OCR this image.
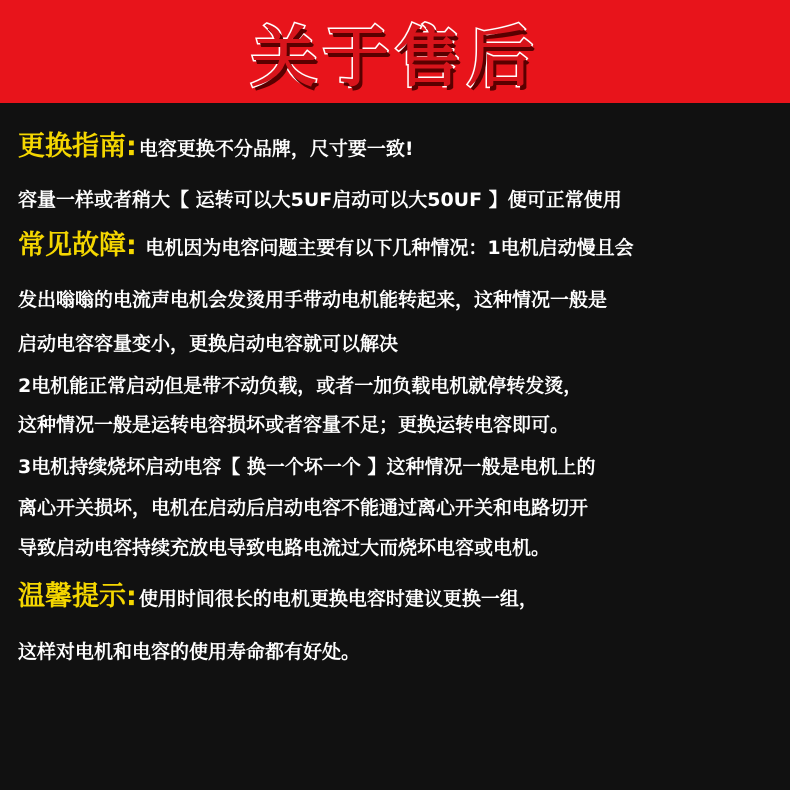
关于售后
更换指南: 电容更换不分品牌，尺寸要一致!
容量一样或者稍大【 运转可以大5UF启动可以大50UF 】便可正常使用
常见故障: 电机因为电容问题主要有以下几种情况：1电机启动慢且会
发出嗡嗡的电流声电机会发烫用手带动电机能转起来，这种情况一般是
启动电容容量变小，更换启动电容就可以解决
2电机能正常启动但是带不动负载，或者一加负载电机就停转发烫，
这种情况一般是运转电容损坏或者容量不足；更换运转电容即可。
3电机持续烧坏启动电容【 换一个坏一个 】这种情况一般是电机上的
离心开关损坏，电机在启动后启动电容不能通过离心开关和电路切开
导致启动电容持续充放电导致电路电流过大而烧坏电容或电机。
温馨提示: 使用时间很长的电机更换电容时建议更换一组，
这样对电机和电容的使用寿命都有好处。
